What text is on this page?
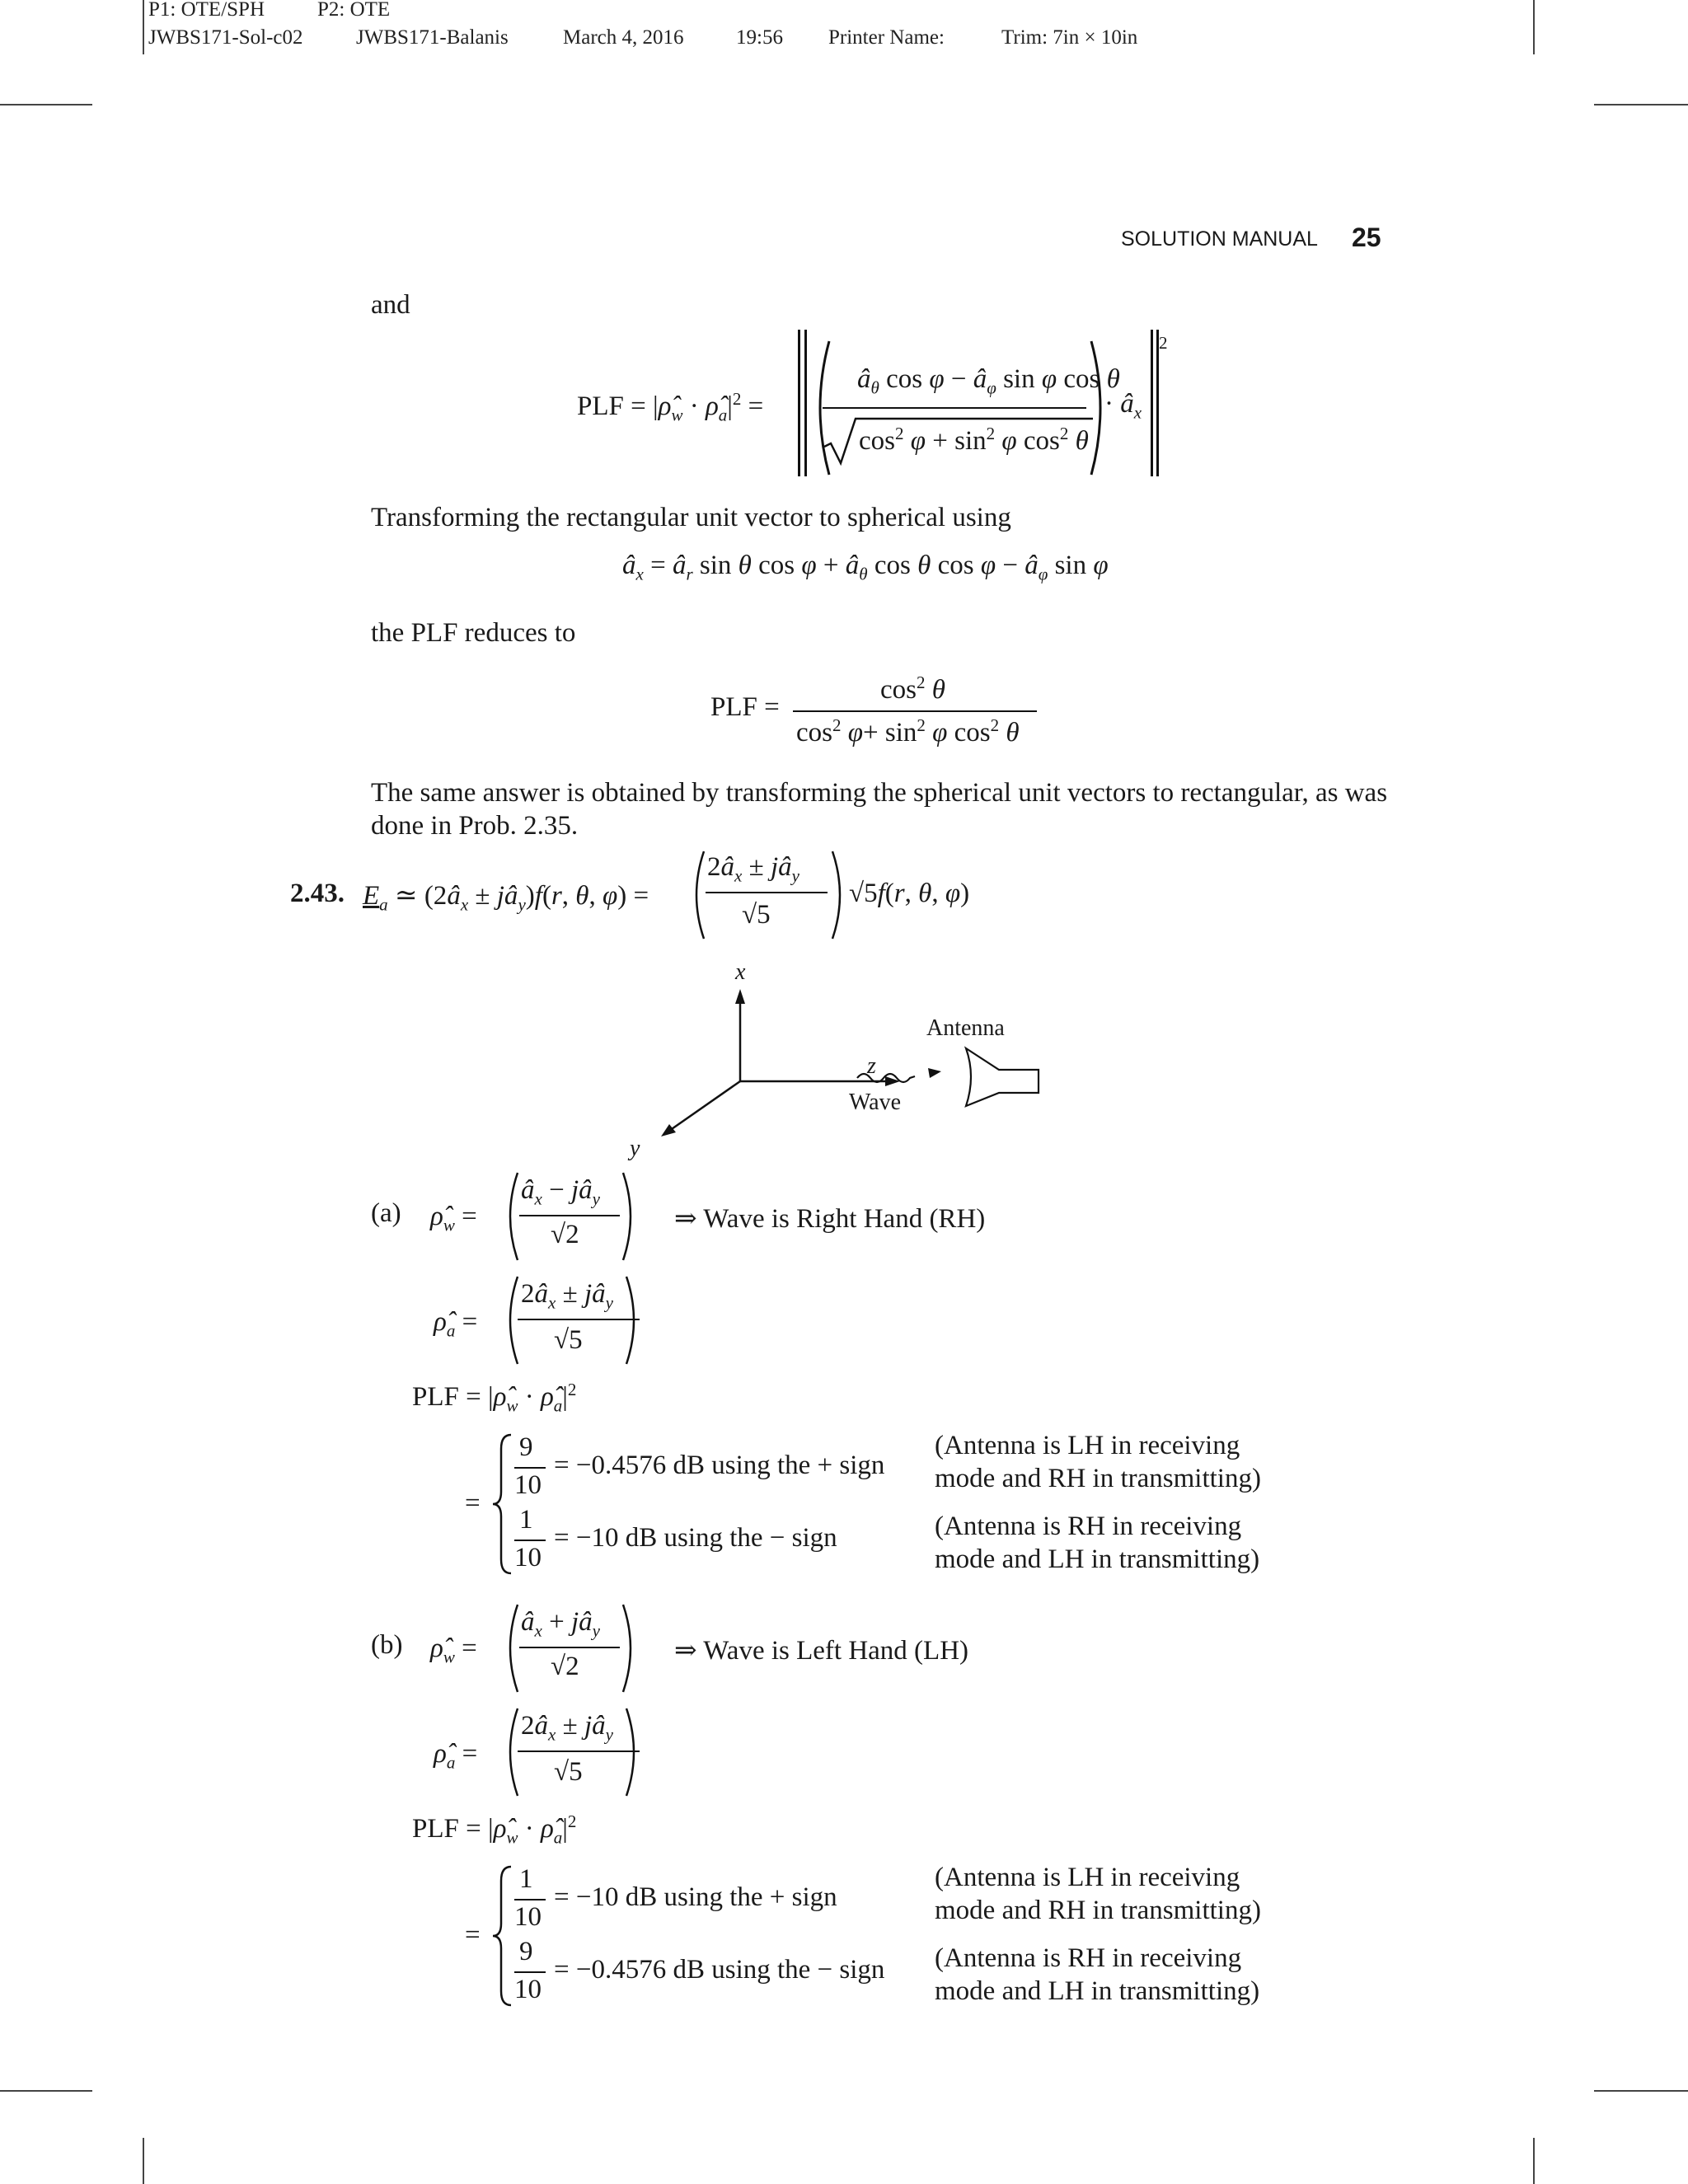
P1: OTE/SPH	P2: OTE
JWBS171-Sol-c02	JWBS171-Balanis	March 4, 2016	19:56 Printer Name:	Trim: 7in × 10in
SOLUTION MANUAL 25
and
PLF = $|\rhô_w$ · $\rhô_a|^2$ =
2
$â_\theta$ $\cos \varphi - â_\varphi$ sin φ cos θ
$\cos^2 \varphi + \sin^2 \varphi$ $\cos^2 \theta$
· $â_x$
Transforming the rectangular unit vector to spherical using
$â_x$ = $â_r$ sin θ $\cos \varphi + â_\theta$ cos θ $\cos \varphi - â_\varphi$ sin φ
the PLF reduces to
PLF =
$\cos^2 \theta$
$\cos^2 \varphi+ \sin^2 \varphi$ $\cos^2 \theta$
The same answer is obtained by transforming the spherical unit vectors to rectangular, as was
done in Prob. 2.35.
2.43. $E_a$ ≃ ($2â_x$ ± $jâ_y)f(r$, θ, φ) =
$2â_x$ ± $jâ_y$
√5
√5f(r, θ, φ)
x
y
z
Antenna
Wave
(a) $\rhô_w$ =
$â_x$ − $jâ_y$
√2
⇒ Wave is Right Hand (RH)
$\rhô_a$ =
$2â_x$ ± $jâ_y$
√5
PLF = $|\rhô_w$ · $\rhô_a|^2$
=
9
10
= −0.4576 dB using the + sign
1
10
= −10 dB using the − sign
(Antenna is LH in receiving
mode and RH in transmitting)
(Antenna is RH in receiving
mode and LH in transmitting)
(b) $\rhô_w$ =
$â_x$ + $jâ_y$
√2
⇒ Wave is Left Hand (LH)
$\rhô_a$ =
$2â_x$ ± $jâ_y$
√5
PLF = $|\rhô_w$ · $\rhô_a|^2$
=
1
10
= −10 dB using the + sign
9
10
= −0.4576 dB using the − sign
(Antenna is LH in receiving
mode and RH in transmitting)
(Antenna is RH in receiving
mode and LH in transmitting)
